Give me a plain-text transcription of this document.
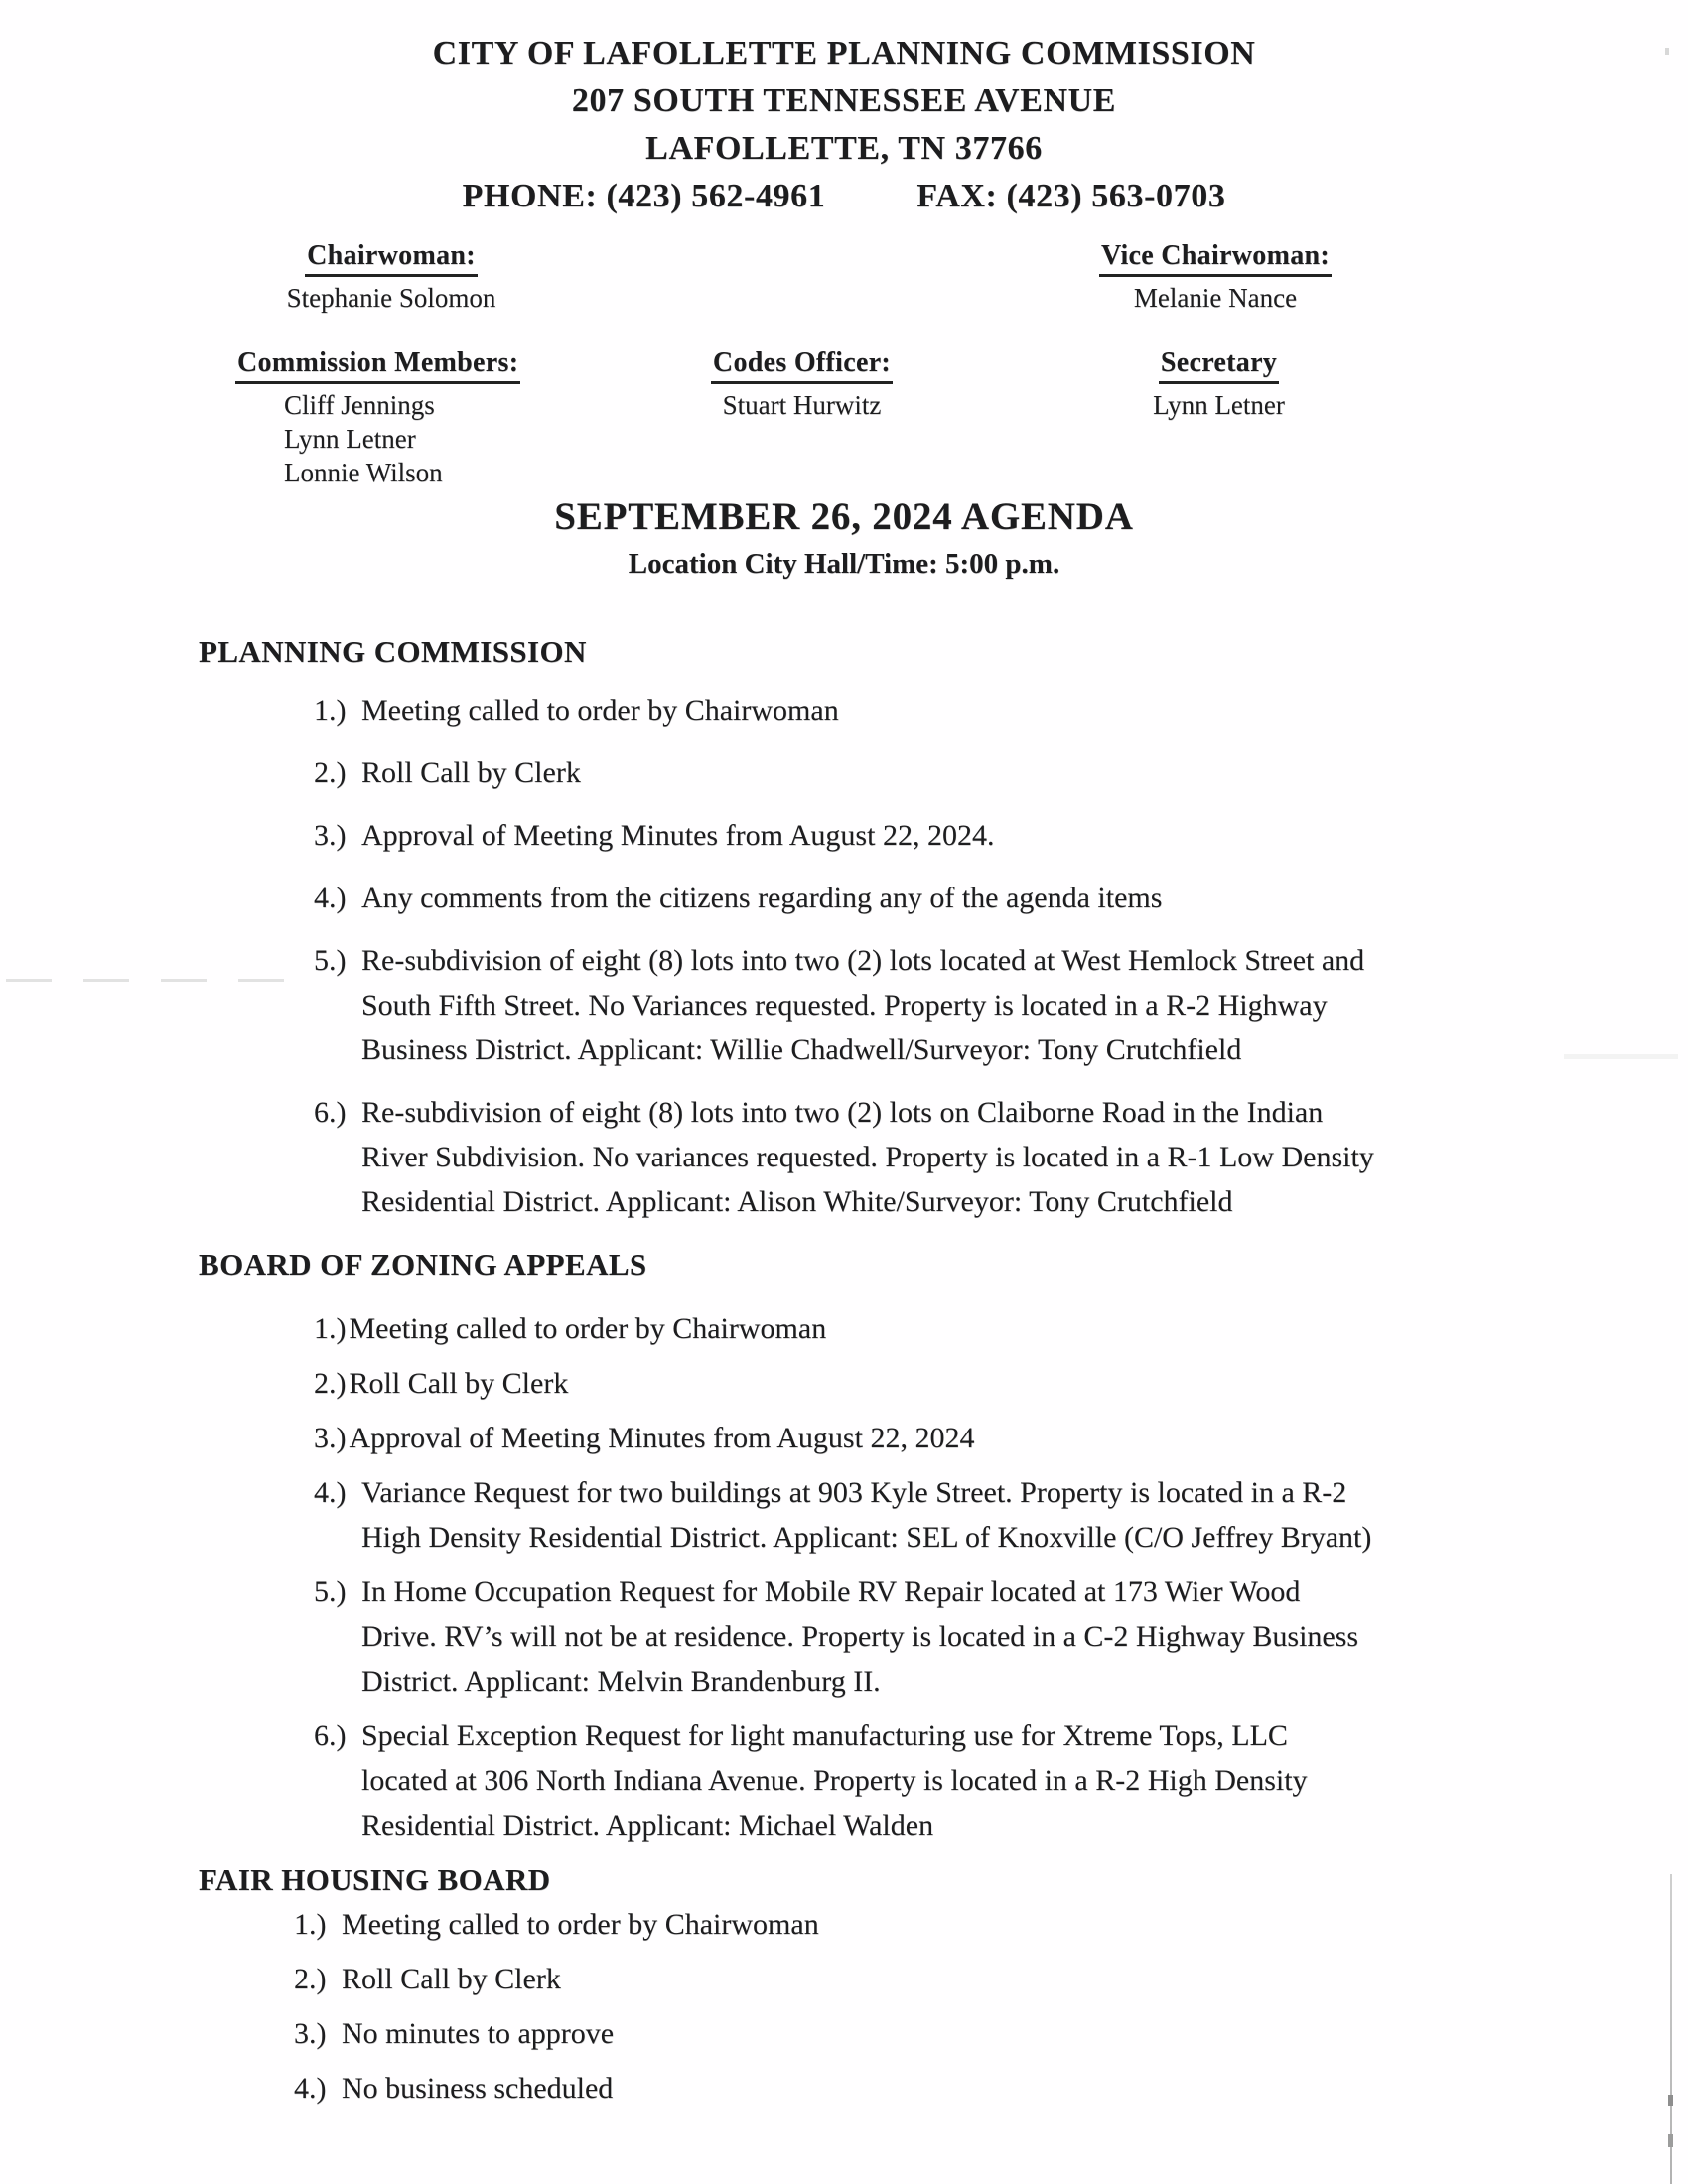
CITY OF LAFOLLETTE PLANNING COMMISSION
207 SOUTH TENNESSEE AVENUE
LAFOLLETTE, TN 37766
PHONE: (423) 562-4961	FAX: (423) 563-0703
Chairwoman:
Stephanie Solomon
Vice Chairwoman:
Melanie Nance
Commission Members:
Cliff Jennings
Lynn Letner
Lonnie Wilson
Codes Officer:
Stuart Hurwitz
Secretary
Lynn Letner
SEPTEMBER 26, 2024 AGENDA
Location City Hall/Time: 5:00 p.m.
PLANNING COMMISSION
1.) Meeting called to order by Chairwoman
2.) Roll Call by Clerk
3.) Approval of Meeting Minutes from August 22, 2024.
4.) Any comments from the citizens regarding any of the agenda items
5.) Re-subdivision of eight (8) lots into two (2) lots located at West Hemlock Street and
South Fifth Street. No Variances requested. Property is located in a R-2 Highway
Business District. Applicant: Willie Chadwell/Surveyor: Tony Crutchfield
6.) Re-subdivision of eight (8) lots into two (2) lots on Claiborne Road in the Indian
River Subdivision. No variances requested. Property is located in a R-1 Low Density
Residential District. Applicant: Alison White/Surveyor: Tony Crutchfield
BOARD OF ZONING APPEALS
1.) Meeting called to order by Chairwoman
2.) Roll Call by Clerk
3.) Approval of Meeting Minutes from August 22, 2024
4.) Variance Request for two buildings at 903 Kyle Street. Property is located in a R-2
High Density Residential District. Applicant: SEL of Knoxville (C/O Jeffrey Bryant)
5.) In Home Occupation Request for Mobile RV Repair located at 173 Wier Wood
Drive. RV’s will not be at residence. Property is located in a C-2 Highway Business
District. Applicant: Melvin Brandenburg II.
6.) Special Exception Request for light manufacturing use for Xtreme Tops, LLC
located at 306 North Indiana Avenue. Property is located in a R-2 High Density
Residential District. Applicant: Michael Walden
FAIR HOUSING BOARD
1.) Meeting called to order by Chairwoman
2.) Roll Call by Clerk
3.) No minutes to approve
4.) No business scheduled
